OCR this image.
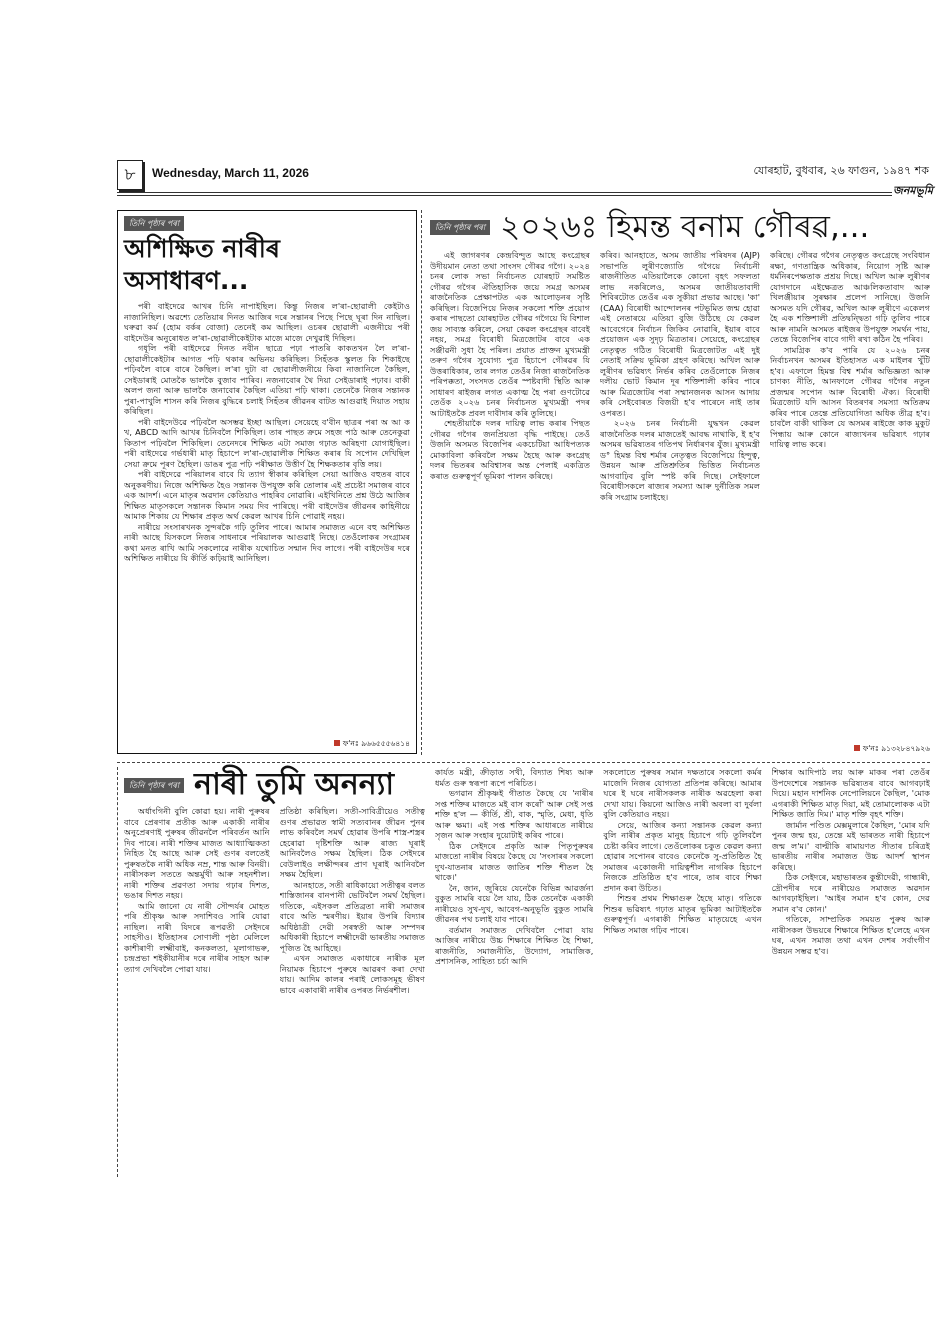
৮	Wednesday, March 11, 2026	যোৰহাট, বুধবাৰ, ২৬ ফাগুন, ১৯৪৭ শক
জনমভূমি
তিনি পৃষ্ঠাৰ পৰা
অশিক্ষিত নাৰীৰ অসাধাৰণ...

পৰী বাইদেৱে আখৰ চিনি নাপাইছিল। কিন্তু নিজৰ ল'ৰা-ছোৱালী কেইটাও নাজানিছিল। অৱশ্যে তেতিয়াৰ দিনত আজিৰ দৰে সন্তানৰ পিছে পিছে ঘূৰা দিন নাছিল। ঘৰুৱা কৰ্ম (হোম বৰ্কৰ বোজা) তেনেই কম আছিল। ওচৰৰ ছোৱালী এজনীয়ে পৰী বাইদেউৰ অনুৰোধত ল'ৰা-ছোৱালীকেইটাক মাজে মাজে দেখুৱাই দিছিল।

গধূলি পৰী বাইদেৱে দিনত নবীন ছাত্ৰে পঢ়া পাতৰি কাকতখন লৈ ল'ৰা-ছোৱালীকেইটাৰ আগত পঢ়ি থকাৰ অভিনয় কৰিছিল। সিহঁতক স্কুলত কি শিকাইছে পঢ়িবলৈ বাৰে বাৰে কৈছিল। ল'ৰা দুটা বা ছোৱালীজনীয়ে কিবা নাজানিলে কৈছিল, সেইডাৰাই মোতকৈ ভালকৈ বুজাব পাৰিব। নজনাবোৰ থৈ দিয়া সেইডাৰাই পঢ়াব। বাকী অলপ জনা আৰু ভালকৈ জনাবোৰ কৈছিল এতিয়া পঢ়ি থাকা। তেনেকৈ নিজৰ সন্তানক পুৰা-পাখুলি শাসন কৰি নিজৰ বুদ্ধিৰে চলাই সিহঁতৰ জীৱনৰ বাটত আগুৱাই দিয়াত সহায় কৰিছিল।

পৰী বাইদেউৱে পঢ়িবলৈ অসম্ভৱ ইচ্ছা আছিল। সেয়েহে ব'বীন ছাত্ৰৰ পৰা অ আ ক খ, ABCD আদি আখৰ চিনিবলৈ শিকিছিল। তাৰ পাছত ক্ৰমে সহজ পাঠ আৰু তেনেকুৱা কিতাপ পঢ়িবলৈ শিকিছিল। তেনেদৰে শিক্ষিত এটা সমাজ গঢ়াত অৰিহণা যোগাইছিল। পৰী বাইদেৱে গৰ্ভধাৰী মাতৃ হিচাপে ল'ৰা-ছোৱালীক শিক্ষিত কৰাৰ যি সপোন দেখিছিল সেয়া ক্ৰমে পূৰণ হৈছিল। ডাঙৰ পুত্ৰ পঢ়ি পৰীক্ষাত উত্তীৰ্ণ হৈ শিক্ষকতাৰ বৃত্তি লয়।

পৰী বাইদেৱে পৰিয়ালৰ বাবে যি ত্যাগ স্বীকাৰ কৰিছিল সেয়া আজিও বহুতৰ বাবে অনুকৰণীয়। নিজে অশিক্ষিত হৈও সন্তানক উপযুক্ত কৰি তোলাৰ এই প্ৰচেষ্টা সমাজৰ বাবে এক আদৰ্শ। এনে মাতৃৰ অৱদান কেতিয়াও পাহৰিব নোৱাৰি। এইখিনিতে প্ৰশ্ন উঠে আজিৰ শিক্ষিত মাতৃসকলে সন্তানক কিমান সময় দিব পাৰিছে। পৰী বাইদেউৰ জীৱনৰ কাহিনীয়ে আমাক শিকায় যে শিক্ষাৰ প্ৰকৃত অৰ্থ কেৱল আখৰ চিনি পোৱাই নহয়।

নাৰীয়ে সংসাৰখনক সুন্দৰকৈ গঢ়ি তুলিব পাৰে। আমাৰ সমাজত এনে বহু অশিক্ষিত নাৰী আছে যিসকলে নিজৰ সাধনাৰে পৰিয়ালক আগুৱাই নিছে। তেওঁলোকৰ সংগ্ৰামৰ কথা মনত ৰাখি আমি সকলোৱে নাৰীক যথোচিত সন্মান দিব লাগে। পৰী বাইদেউৰ দৰে অশিক্ষিত নাৰীয়ে যি কীৰ্তি কঢ়িয়াই আনিছিল।

ফ'নঃ ৯৬৬৫৫৫৬৪১৪
তিনি পৃষ্ঠাৰ পৰা ২০২৬ঃ হিমন্ত বনাম গৌৰৱ,...

এই জাগৰণৰ কেন্দ্ৰবিন্দুত আছে কংগ্ৰেছৰ উদীয়মান নেতা তথা সাংসদ গৌৰৱ গগৈ। ২০২৪ চনৰ লোক সভা নিৰ্বাচনত যোৰহাট সমষ্টিত গৌৰৱ গগৈৰ ঐতিহাসিক জয়ে সমগ্ৰ অসমৰ ৰাজনৈতিক প্ৰেক্ষাপটত এক আলোড়নৰ সৃষ্টি কৰিছিল। বিজেপিয়ে নিজৰ সকলো শক্তি প্ৰয়োগ কৰাৰ পাছতো যোৰহাটত গৌৰৱ গগৈয়ে যি বিশাল জয় সাব্যস্ত কৰিলে, সেয়া কেৱল কংগ্ৰেছৰ বাবেই নহয়, সমগ্ৰ বিৰোধী মিত্ৰজোটৰ বাবে এক সঞ্জীৱনী সুধা হৈ পৰিল। প্ৰয়াত প্ৰাক্তন মুখ্যমন্ত্ৰী তৰুণ গগৈৰ সুযোগ্য পুত্ৰ হিচাপে গৌৰৱৰ যি উত্তৰাধিকাৰ, তাৰ লগত তেওঁৰ নিজা ৰাজনৈতিক পৰিপক্কতা, সংসদত তেওঁৰ স্পষ্টবাদী স্থিতি আৰু সাধাৰণ ৰাইজৰ লগত একাত্ম হৈ পৰা গুণটোৱে তেওঁক ২০২৬ চনৰ নিৰ্বাচনত মুখ্যমন্ত্ৰী পদৰ আটাইতকৈ প্ৰবল দাবীদাৰ কৰি তুলিছে।

শেহতীয়াকৈ দলৰ দায়িত্ব লাভ কৰাৰ পিছত গৌৰৱ গগৈৰ জনপ্ৰিয়তা বৃদ্ধি পাইছে। তেওঁ উজনি অসমত বিজেপিৰ একচেটিয়া আধিপত্যক মোকাবিলা কৰিবলৈ সক্ষম হৈছে আৰু কংগ্ৰেছ দলৰ ভিতৰৰ অবিশ্বাসৰ অন্ত পেলাই একত্ৰিত কৰাত গুৰুত্বপূৰ্ণ ভূমিকা পালন কৰিছে।

কৰিব। আনহাতে, অসম জাতীয় পৰিষদৰ (AJP) সভাপতি লুৰীণজ্যোতি গগৈয়ে নিৰ্বাচনী ৰাজনীতিত এতিয়ালৈকে কোনো বৃহৎ সফলতা লাভ নকৰিলেও, অসমৰ জাতীয়তাবাদী শিবিৰটোত তেওঁৰ এক সুকীয়া প্ৰভাৱ আছে। 'কা' (CAA) বিৰোধী আন্দোলনৰ পটভূমিত জন্ম হোৱা এই নেতাৰয়ে এতিয়া বুজি উঠিছে যে কেৱল আবেগেৰে নিৰ্বাচন জিকিব নোৱাৰি, ইয়াৰ বাবে প্ৰয়োজন এক সুদৃঢ় মিত্ৰতাৰ। সেয়েহে, কংগ্ৰেছৰ নেতৃত্বত গঠিত বিৰোধী মিত্ৰজোটত এই দুই নেতাই সক্ৰিয় ভূমিকা গ্ৰহণ কৰিছে। অখিল আৰু লুৰীণৰ ভৱিষ্যৎ নিৰ্ভৰ কৰিব তেওঁলোকে নিজৰ দলীয় ভোট কিমান দূৰ শক্তিশালী কৰিব পাৰে আৰু মিত্ৰজোটৰ পৰা সম্মানজনক আসন আদায় কৰি সেইবোৰত বিজয়ী হ'ব পাৰেনে নাই তাৰ ওপৰত।

২০২৬ চনৰ নিৰ্বাচনী যুদ্ধখন কেৱল ৰাজনৈতিক দলৰ মাজতেই আবদ্ধ নাথাকি, ই হ'ব অসমৰ ভৱিষ্যতৰ গতিপথ নিৰ্ধাৰণৰ যুঁজ। মুখ্যমন্ত্ৰী ড° হিমন্ত বিশ্ব শৰ্মাৰ নেতৃত্বত বিজেপিয়ে হিন্দুত্ব, উন্নয়ন আৰু প্ৰতিশ্ৰুতিৰ ভিত্তিত নিৰ্বাচনত আগবাঢ়িব বুলি স্পষ্ট কৰি দিছে। সেইফালে বিৰোধীসকলে ৰাজ্যৰ সমস্যা আৰু দুৰ্নীতিক সমল কৰি সংগ্ৰাম চলাইছে।

কৰিছে। গৌৰৱ গগৈৰ নেতৃত্বত কংগ্ৰেছে সংবিধান ৰক্ষা, গণতান্ত্ৰিক অধিকাৰ, নিয়োগ সৃষ্টি আৰু ধৰ্মনিৰপেক্ষতাক প্ৰশ্ৰয় দিছে। অখিল আৰু লুৰীণৰ যোগদানে এইক্ষেত্ৰত আঞ্চলিকতাবাদ আৰু খিলঞ্জীয়াৰ সুৰক্ষাৰ প্ৰলেপ সানিছে। উজনি অসমত যদি গৌৰৱ, অখিল আৰু লুৰীণে একেলগ হৈ এক শক্তিশালী প্ৰতিদ্বন্দ্বিতা গঢ়ি তুলিব পাৰে আৰু নামনি অসমত ৰাইজৰ উপযুক্ত সমৰ্থন পায়, তেন্তে বিজেপিৰ বাবে গাদী ৰখা কঠিন হৈ পৰিব।

সামগ্ৰিক ক'ব পাৰি যে ২০২৬ চনৰ নিৰ্বাচনখন অসমৰ ইতিহাসত এক মাইলৰ খুঁটি হ'ব। এফালে হিমন্ত বিশ্ব শৰ্মাৰ অভিজ্ঞতা আৰু চাণক্য নীতি, আনফালে গৌৰৱ গগৈৰ নতুন প্ৰজন্মৰ সপোন আৰু বিৰোধী ঐক্য। বিৰোধী মিত্ৰজোট যদি আসন বিতৰণৰ সমস্যা অতিক্ৰম কৰিব পাৰে তেন্তে প্ৰতিযোগিতা অধিক তীব্ৰ হ'ব। চাবলৈ বাকী থাকিল যে অসমৰ ৰাইজে কাক মুকুট পিন্ধায় আৰু কোনে ৰাজ্যখনৰ ভৱিষ্যৎ গঢ়াৰ দায়িত্ব লাভ কৰে।

ফ'নঃ ৯১৩২৮৪৭৯২৬
তিনি পৃষ্ঠাৰ পৰা নাৰী তুমি অনন্যা

অৰ্ধাংগিনী বুলি কোৱা হয়। নাৰী পুৰুষৰ বাবে প্ৰেৰণাৰ প্ৰতীক আৰু একাকী নাৰীৰ অনুপ্ৰেৰণাই পুৰুষৰ জীৱনলৈ পৰিবৰ্তন আনি দিব পাৰে। নাৰী শক্তিৰ মাজত আধ্যাত্মিকতা নিহিত হৈ আছে আৰু সেই গুণৰ বলতেই পুৰুষতকৈ নাৰী অধিক নম্ৰ, শান্ত আৰু বিনয়ী। নাৰীসকল সততে অন্তৰ্মুখী আৰু সহনশীল। নাৰী শক্তিৰ প্ৰৱণতা সদায় গঢ়াৰ দিশত, ভঙাৰ দিশত নহয়।

আমি জানো যে নাৰী সৌন্দৰ্যৰ মোহত পৰি শ্ৰীকৃষ্ণ আৰু সদাশিবও সাৰি যোৱা নাছিল। নাৰী যিদৰে ৰূপৱতী সেইদৰে সাহসীও। ইতিহাসৰ সোণালী পৃষ্ঠা মেলিলে কাশীৰাণী লক্ষ্মীবাই, কনকলতা, মূলাগাভৰু, চন্দ্ৰপ্ৰভা শইকীয়ানীৰ দৰে নাৰীৰ সাহস আৰু ত্যাগ দেখিবলৈ পোৱা যায়।

প্ৰতিষ্ঠা কৰিছিল। সতী-সাবিত্ৰীয়েও সতীত্ব গুণৰ প্ৰভাৱত স্বামী সত্যবানৰ জীৱন পুনৰ লাভ কৰিবলৈ সমৰ্থ হোৱাৰ উপৰি শাস্ত্ৰ-শস্ত্ৰৰ হেৰোৱা দৃষ্টিশক্তি আৰু ৰাজ্য ঘূৰাই আনিবলৈও সক্ষম হৈছিল। ঠিক সেইদৰে বেউলাইও লক্ষীন্দৰৰ প্ৰাণ ঘূৰাই আনিবলৈ সক্ষম হৈছিল।

আনহাতে, সতী ৰাধিকায়ো সতীত্বৰ বলত শাস্তিজানৰ বানপানী ভেটিবলৈ সমৰ্থ হৈছিল। গতিকে, এইসকল প্ৰতিব্ৰতা নাৰী সমাজৰ বাবে অতি স্মৰণীয়। ইয়াৰ উপৰি বিদ্যাৰ অধিষ্ঠাত্ৰী দেৱী সৰস্বতী আৰু সম্পদৰ অধিকাৰী হিচাপে লক্ষ্মীদেৱী ভাৰতীয় সমাজত পূজিত হৈ আহিছে।

এখন সমাজত একাধাৰে নাৰীক মূল নিয়ামক হিচাপে পুৰুষে আৱৰণ কৰা দেখা যায়। আদিম কালৰ পৰাই লোকসমূহ ভীষণ ভাবে একাবাৰী নাৰীৰ ওপৰত নিৰ্ভৰশীল।

কাৰ্যত মন্ত্ৰী, ক্ৰীড়াত সখী, বিদ্যাত শিষ্য আৰু ধৰ্মত গুৰু স্বৰূপা ৰূপে পৰিচিত।

ভগৱান শ্ৰীকৃষ্ণই গীতাত কৈছে যে 'নাৰীৰ সপ্ত শক্তিৰ মাজতে মই বাস কৰোঁ' আৰু সেই সপ্ত শক্তি হ'ল — কীৰ্তি, শ্ৰী, বাক, স্মৃতি, মেধা, ধৃতি আৰু ক্ষমা। এই সপ্ত শক্তিৰ আধাৰতে নাৰীয়ে সৃজন আৰু সংহাৰ দুয়োটাই কৰিব পাৰে।

ঠিক সেইদৰে প্ৰকৃতি আৰু পিতৃপুৰুষৰ মাজতো নাৰীৰ বিষয়ে কৈছে যে 'সংসাৰৰ সকলো দুখ-যাতনাৰ মাজত জাতিৰ শক্তি শীতল হৈ থাকে।'

নৈ, জান, জুৰিয়ে যেনেকৈ বিভিন্ন আৱৰ্জনা বুকুত সামৰি বয়ে লৈ যায়, ঠিক তেনেকৈ একাকী নাৰীয়েও সুখ-দুখ, আবেগ-অনুভূতি বুকুত সামৰি জীৱনৰ পথ চলাই যাব পাৰে।

বৰ্তমান সমাজত দেখিবলৈ পোৱা যায় আজিৰ নাৰীয়ে উচ্চ শিক্ষাৰে শিক্ষিত হৈ শিক্ষা, ৰাজনীতি, সমাজনীতি, উদ্যোগ, সামাজিক, প্ৰশাসনিক, সাহিত্য চৰ্চা আদি

সকলোতে পুৰুষৰ সমান দক্ষতাৰে সকলো কৰ্মৰ মাজেদি নিজৰ যোগ্যতা প্ৰতিপন্ন কৰিছে। আমাৰ ঘৰে ই ঘৰে নাৰীসকলক নাৰীক অৱহেলা কৰা দেখা যায়। কিয়নো আজিও নাৰী অবলা বা দুৰ্বলা বুলি কেতিয়াও নহয়।

সেয়ে, আজিৰ কন্যা সন্তানক কেৱল কন্যা বুলি নাৰীৰ প্ৰকৃত মানুহ হিচাপে গঢ়ি তুলিবলৈ চেষ্টা কৰিব লাগে। তেওঁলোকৰ চকুত কেৱল কন্যা হোৱাৰ সপোনৰ বাবেও কেনেকৈ সু-প্ৰতিষ্ঠিত হৈ সমাজৰ একোজনী দায়িত্বশীল নাগৰিক হিচাপে নিজকে প্ৰতিষ্ঠিত হ'ব পাৰে, তাৰ বাবে শিক্ষা প্ৰদান কৰা উচিত।

শিশুৰ প্ৰথম শিক্ষাগুৰু হৈছে মাতৃ। গতিকে শিশুৰ ভৱিষ্যৎ গঢ়াত মাতৃৰ ভূমিকা আটাইতকৈ গুৰুত্বপূৰ্ণ। এগৰাকী শিক্ষিত মাতৃয়েহে এখন শিক্ষিত সমাজ গঢ়িব পাৰে।

শিক্ষাৰ আদিপাঠ লয় আৰু মাকৰ পৰা তেওঁৰ উপদেশেৰে সন্তানক ভৱিষ্যতৰ বাবে আগবঢ়াই দিয়ে। মহান দাৰ্শনিক নেপোলিয়নে কৈছিল, 'মোক এগৰাকী শিক্ষিত মাতৃ দিয়া, মই তোমালোকক এটা শিক্ষিত জাতি দিম।' মাতৃ শক্তি বৃহৎ শক্তি।

জাৰ্মান পণ্ডিত মেক্সমুলাৰে কৈছিল, 'মোৰ যদি পুনৰ জন্ম হয়, তেন্তে মই ভাৰতত নাৰী হিচাপে জন্ম ল'ম।' বাল্মীকি ৰামায়ণত সীতাৰ চৰিত্ৰই ভাৰতীয় নাৰীৰ সমাজত উচ্চ আদৰ্শ স্থাপন কৰিছে।

ঠিক সেইদৰে, মহাভাৰতৰ কুন্তীদেৱী, গান্ধাৰী, দ্ৰৌপদীৰ দৰে নাৰীয়েও সমাজত অৱদান আগবঢ়াইছিল। 'আইৰ সমান হ'ব কোন, দেৱ সমান ব'ব কোন।'

গতিকে, সাম্প্ৰতিক সময়ত পুৰুষ আৰু নাৰীসকল উভয়ৰে শিক্ষাৰে শিক্ষিত হ'লেহে এখন ঘৰ, এখন সমাজ তথা এখন দেশৰ সৰ্বাংগীণ উন্নয়ন সম্ভৱ হ'ব।
